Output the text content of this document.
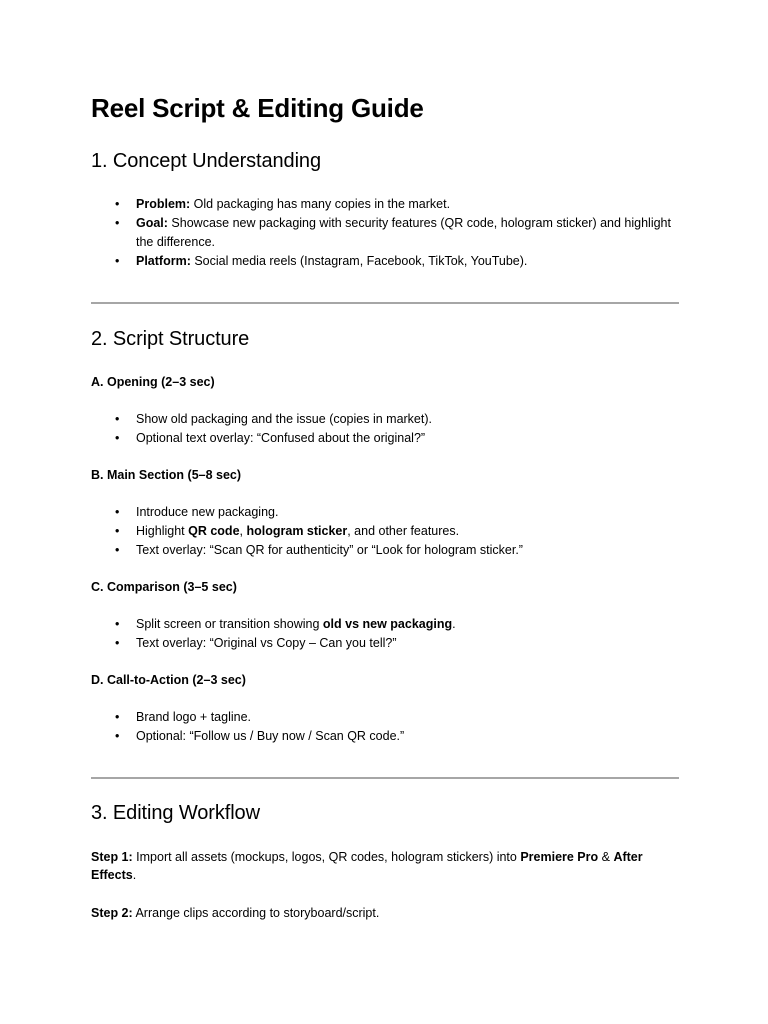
Reel Script & Editing Guide
1. Concept Understanding
• Problem: Old packaging has many copies in the market.
• Goal: Showcase new packaging with security features (QR code, hologram sticker) and highlight the difference.
• Platform: Social media reels (Instagram, Facebook, TikTok, YouTube).
2. Script Structure
A. Opening (2–3 sec)
• Show old packaging and the issue (copies in market).
• Optional text overlay: “Confused about the original?”
B. Main Section (5–8 sec)
• Introduce new packaging.
• Highlight QR code, hologram sticker, and other features.
• Text overlay: “Scan QR for authenticity” or “Look for hologram sticker.”
C. Comparison (3–5 sec)
• Split screen or transition showing old vs new packaging.
• Text overlay: “Original vs Copy – Can you tell?”
D. Call-to-Action (2–3 sec)
• Brand logo + tagline.
• Optional: “Follow us / Buy now / Scan QR code.”
3. Editing Workflow
Step 1: Import all assets (mockups, logos, QR codes, hologram stickers) into Premiere Pro & After Effects.
Step 2: Arrange clips according to storyboard/script.
